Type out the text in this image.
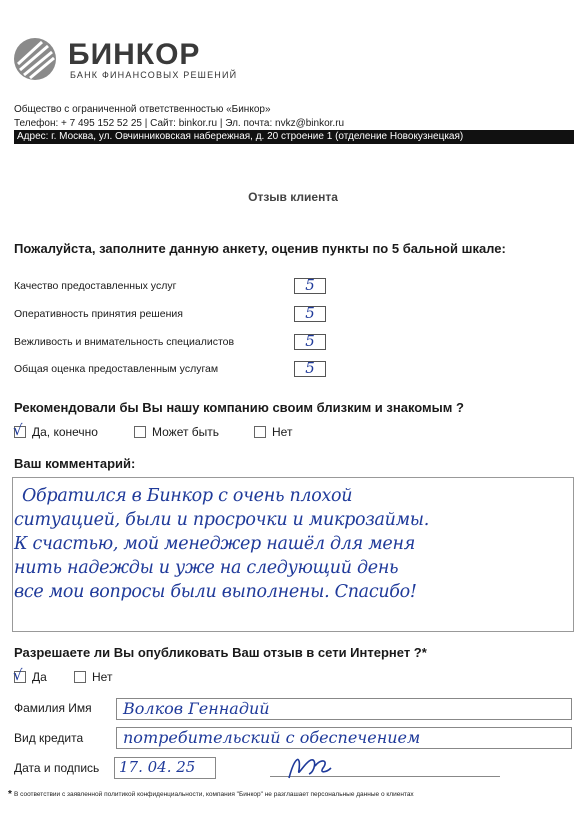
БИНКОР
БАНК ФИНАНСОВЫХ РЕШЕНИЙ
Общество с ограниченной ответственностью «Бинкор»
Телефон: + 7 495 152 52 25 | Сайт: binkor.ru | Эл. почта: nvkz@binkor.ru
Адрес: г. Москва, ул. Овчинниковская набережная, д. 20 строение 1 (отделение Новокузнецкая)
Отзыв клиента
Пожалуйста, заполните данную анкету, оценив пункты по 5 бальной шкале:
Качество предоставленных услуг	5
Оперативность принятия решения	5
Вежливость и внимательность специалистов	5
Общая оценка предоставленным услугам	5
Рекомендовали бы Вы нашу компанию своим близким и знакомым ?
√ Да, конечно	Может быть	Нет
Ваш комментарий:
Обратился в Бинкор с очень плохой
ситуацией, были и просрочки и микрозаймы.
К счастью, мой менеджер нашёл для меня
нить надежды и уже на следующий день
все мои вопросы были выполнены. Спасибо!
Разрешаете ли Вы опубликовать Ваш отзыв в сети Интернет ?*
√ Да	Нет
Фамилия Имя Волков Геннадий
Вид кредита потребительский с обеспечением
Дата и подпись 17. 04. 25
* В соответствии с заявленной политикой конфиденциальности, компания "Бинкор" не разглашает персональные данные о клиентах
